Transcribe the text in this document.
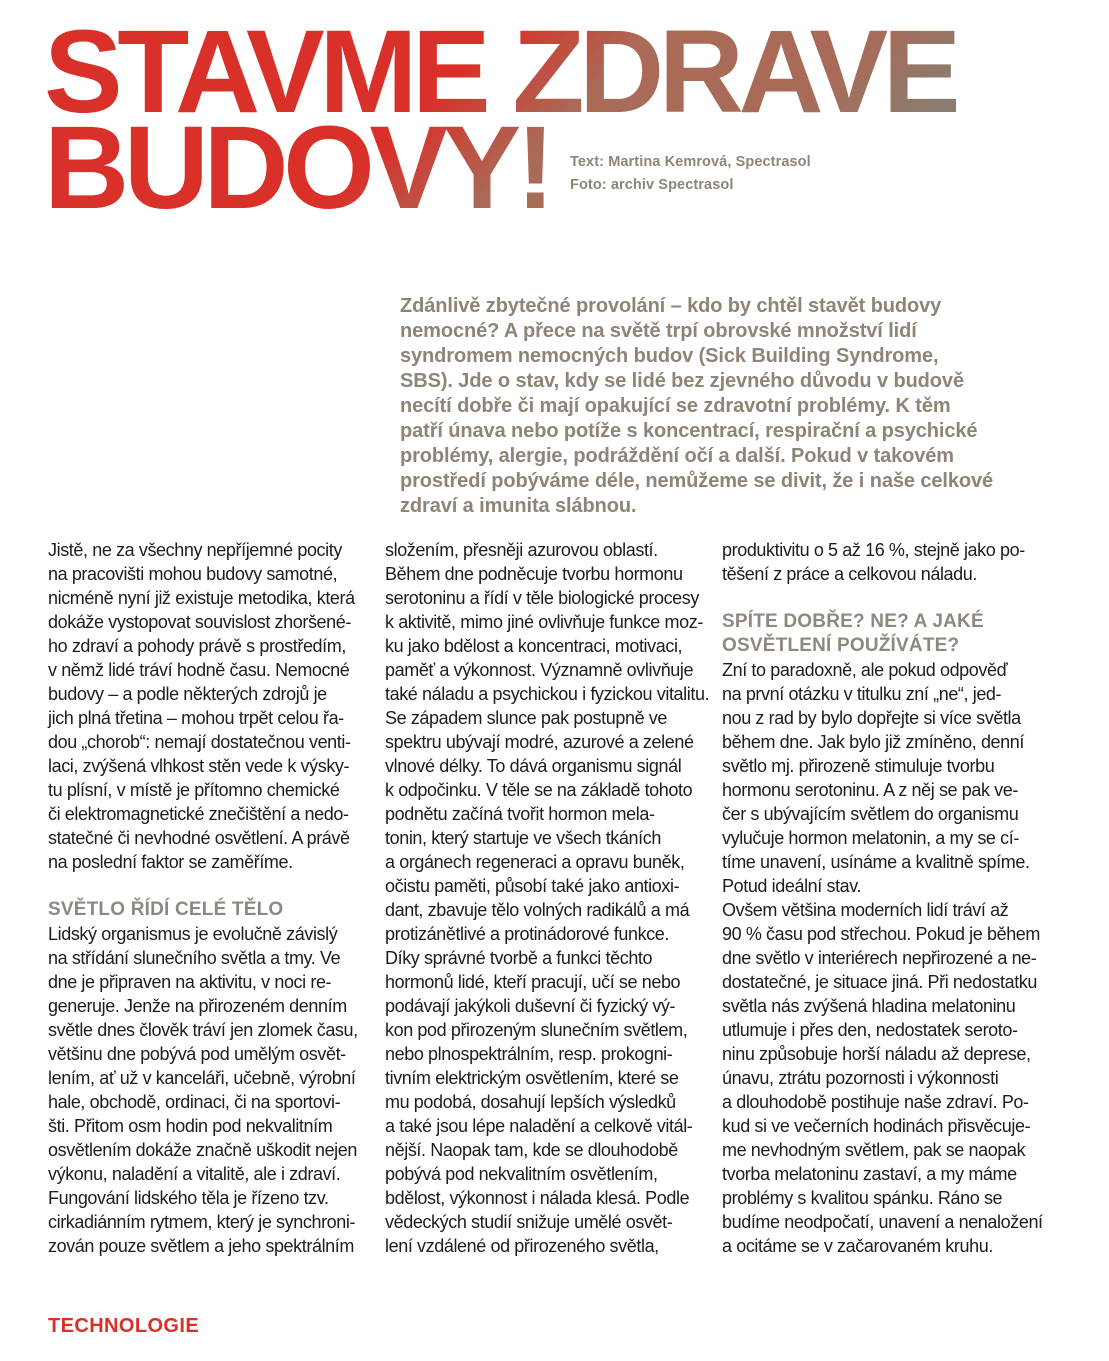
STAVME ZDRAVÉ
BUDOVY!	Text: Martina Kemrová, Spectrasol
Foto: archiv Spectrasol
Zdánlivě zbytečné provolání – kdo by chtěl stavět budovy
nemocné? A přece na světě trpí obrovské množství lidí
syndromem nemocných budov (Sick Building Syndrome,
SBS). Jde o stav, kdy se lidé bez zjevného důvodu v budově
necítí dobře či mají opakující se zdravotní problémy. K těm
patří únava nebo potíže s koncentrací, respirační a psychické
problémy, alergie, podráždění očí a další. Pokud v takovém
prostředí pobýváme déle, nemůžeme se divit, že i naše celkové
zdraví a imunita slábnou.
Jistě, ne za všechny nepříjemné pocity
na pracovišti mohou budovy samotné,
nicméně nyní již existuje metodika, která
dokáže vystopovat souvislost zhoršené-
ho zdraví a pohody právě s prostředím,
v němž lidé tráví hodně času. Nemocné
budovy – a podle některých zdrojů je
jich plná třetina – mohou trpět celou řa-
dou „chorob“: nemají dostatečnou venti-
laci, zvýšená vlhkost stěn vede k výsky-
tu plísní, v místě je přítomno chemické
či elektromagnetické znečištění a nedo-
statečné či nevhodné osvětlení. A právě
na poslední faktor se zaměříme.
SVĚTLO ŘÍDÍ CELÉ TĚLO
Lidský organismus je evolučně závislý
na střídání slunečního světla a tmy. Ve
dne je připraven na aktivitu, v noci re-
generuje. Jenže na přirozeném denním
světle dnes člověk tráví jen zlomek času,
většinu dne pobývá pod umělým osvět-
lením, ať už v kanceláři, učebně, výrobní
hale, obchodě, ordinaci, či na sportovi-
šti. Přitom osm hodin pod nekvalitním
osvětlením dokáže značně uškodit nejen
výkonu, naladění a vitalitě, ale i zdraví.
Fungování lidského těla je řízeno tzv.
cirkadiánním rytmem, který je synchroni-
zován pouze světlem a jeho spektrálním
složením, přesněji azurovou oblastí.
Během dne podněcuje tvorbu hormonu
serotoninu a řídí v těle biologické procesy
k aktivitě, mimo jiné ovlivňuje funkce moz-
ku jako bdělost a koncentraci, motivaci,
paměť a výkonnost. Významně ovlivňuje
také náladu a psychickou i fyzickou vitalitu.
Se západem slunce pak postupně ve
spektru ubývají modré, azurové a zelené
vlnové délky. To dává organismu signál
k odpočinku. V těle se na základě tohoto
podnětu začíná tvořit hormon mela-
tonin, který startuje ve všech tkáních
a orgánech regeneraci a opravu buněk,
očistu paměti, působí také jako antioxi-
dant, zbavuje tělo volných radikálů a má
protizánětlivé a protinádorové funkce.
Díky správné tvorbě a funkci těchto
hormonů lidé, kteří pracují, učí se nebo
podávají jakýkoli duševní či fyzický vý-
kon pod přirozeným slunečním světlem,
nebo plnospektrálním, resp. prokogni-
tivním elektrickým osvětlením, které se
mu podobá, dosahují lepších výsledků
a také jsou lépe naladění a celkově vitál-
nější. Naopak tam, kde se dlouhodobě
pobývá pod nekvalitním osvětlením,
bdělost, výkonnost i nálada klesá. Podle
vědeckých studií snižuje umělé osvět-
lení vzdálené od přirozeného světla,
produktivitu o 5 až 16 %, stejně jako po-
těšení z práce a celkovou náladu.
SPÍTE DOBŘE? NE? A JAKÉ
OSVĚTLENÍ POUŽÍVÁTE?
Zní to paradoxně, ale pokud odpověď
na první otázku v titulku zní „ne“, jed-
nou z rad by bylo dopřejte si více světla
během dne. Jak bylo již zmíněno, denní
světlo mj. přirozeně stimuluje tvorbu
hormonu serotoninu. A z něj se pak ve-
čer s ubývajícím světlem do organismu
vylučuje hormon melatonin, a my se cí-
tíme unavení, usínáme a kvalitně spíme.
Potud ideální stav.
Ovšem většina moderních lidí tráví až
90 % času pod střechou. Pokud je během
dne světlo v interiérech nepřirozené a ne-
dostatečné, je situace jiná. Při nedostatku
světla nás zvýšená hladina melatoninu
utlumuje i přes den, nedostatek seroto-
ninu způsobuje horší náladu až deprese,
únavu, ztrátu pozornosti i výkonnosti
a dlouhodobě postihuje naše zdraví. Po-
kud si ve večerních hodinách přisvěcuje-
me nevhodným světlem, pak se naopak
tvorba melatoninu zastaví, a my máme
problémy s kvalitou spánku. Ráno se
budíme neodpočatí, unavení a nenaložení
a ocitáme se v začarovaném kruhu.
TECHNOLOGIE
